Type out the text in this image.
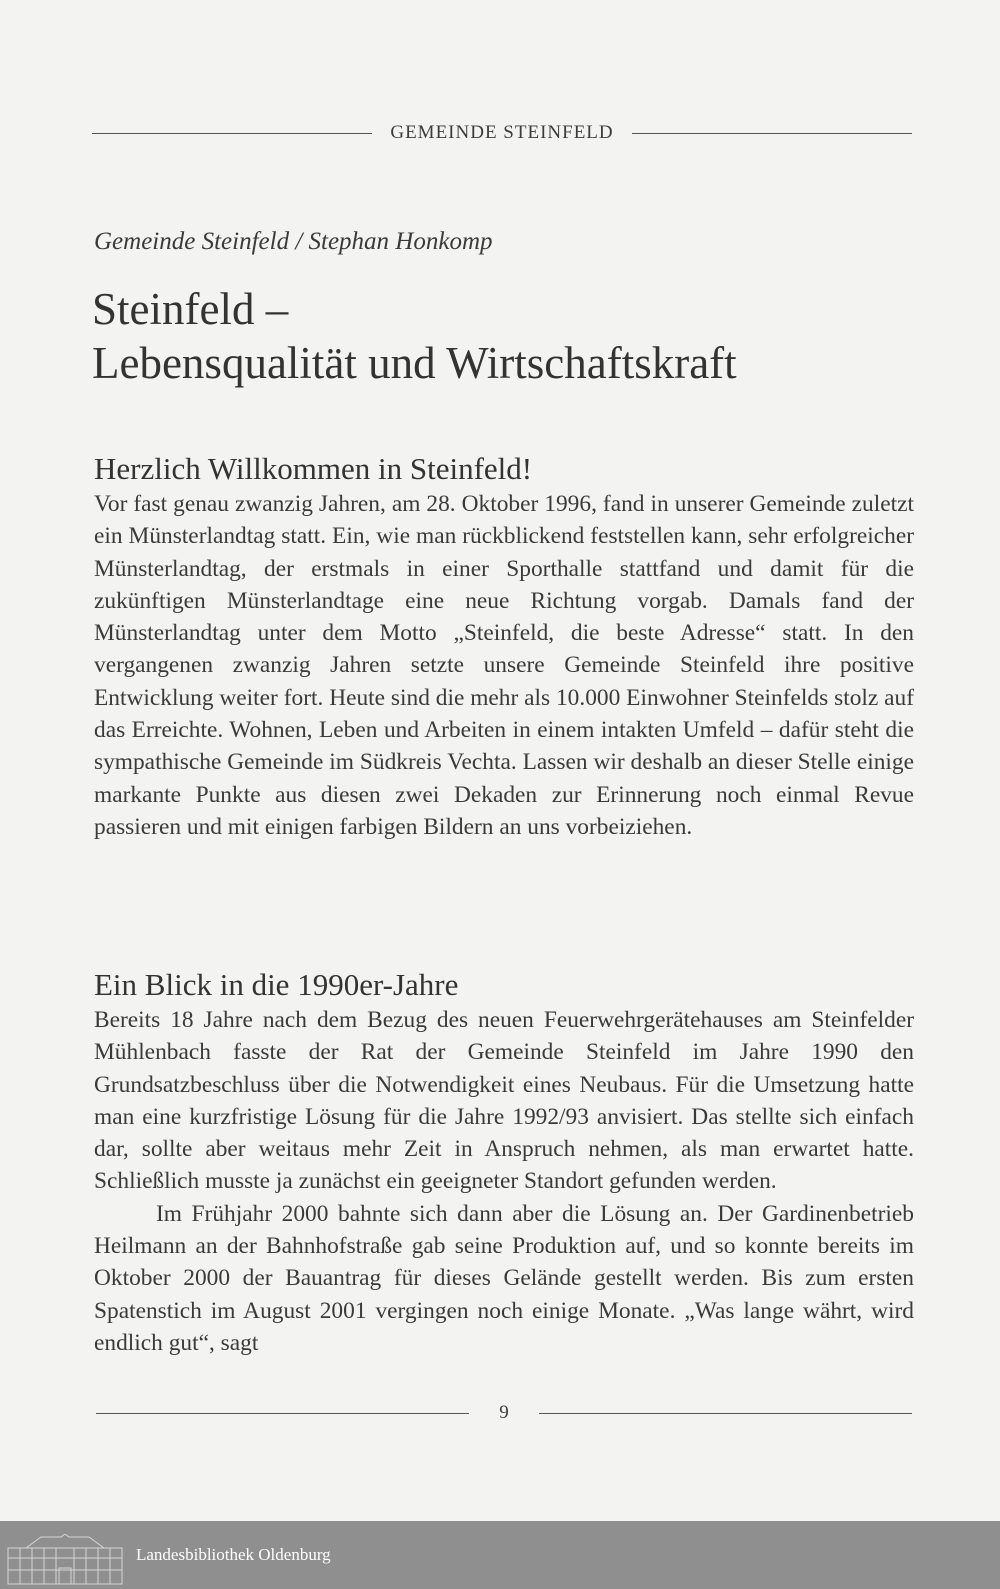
GEMEINDE STEINFELD
Gemeinde Steinfeld / Stephan Honkomp
Steinfeld –
Lebensqualität und Wirtschaftskraft
Herzlich Willkommen in Steinfeld!

Vor fast genau zwanzig Jahren, am 28. Oktober 1996, fand in unserer Gemeinde zuletzt ein Münsterlandtag statt. Ein, wie man rückblickend feststellen kann, sehr erfolgreicher Münsterlandtag, der erstmals in einer Sporthalle stattfand und damit für die zukünftigen Münsterlandtage eine neue Richtung vorgab. Damals fand der Münsterlandtag unter dem Motto „Steinfeld, die beste Adresse“ statt. In den vergangenen zwanzig Jahren setzte unsere Gemeinde Steinfeld ihre positive Entwicklung weiter fort. Heute sind die mehr als 10.000 Einwohner Steinfelds stolz auf das Erreichte. Wohnen, Leben und Arbeiten in einem intakten Umfeld – dafür steht die sympathische Gemeinde im Südkreis Vechta. Lassen wir deshalb an dieser Stelle einige markante Punkte aus diesen zwei Dekaden zur Erinnerung noch einmal Revue passieren und mit einigen farbigen Bildern an uns vorbeiziehen.

Ein Blick in die 1990er-Jahre

Bereits 18 Jahre nach dem Bezug des neuen Feuerwehrgerätehauses am Steinfelder Mühlenbach fasste der Rat der Gemeinde Steinfeld im Jahre 1990 den Grundsatzbeschluss über die Notwendigkeit eines Neubaus. Für die Umsetzung hatte man eine kurzfristige Lösung für die Jahre 1992/93 anvisiert. Das stellte sich einfach dar, sollte aber weitaus mehr Zeit in Anspruch nehmen, als man erwartet hatte. Schließlich musste ja zunächst ein geeigneter Standort gefunden werden.

Im Frühjahr 2000 bahnte sich dann aber die Lösung an. Der Gardinenbetrieb Heilmann an der Bahnhofstraße gab seine Produktion auf, und so konnte bereits im Oktober 2000 der Bauantrag für dieses Gelände gestellt werden. Bis zum ersten Spatenstich im August 2001 vergingen noch einige Monate. „Was lange währt, wird endlich gut“, sagt

9
Landesbibliothek Oldenburg
